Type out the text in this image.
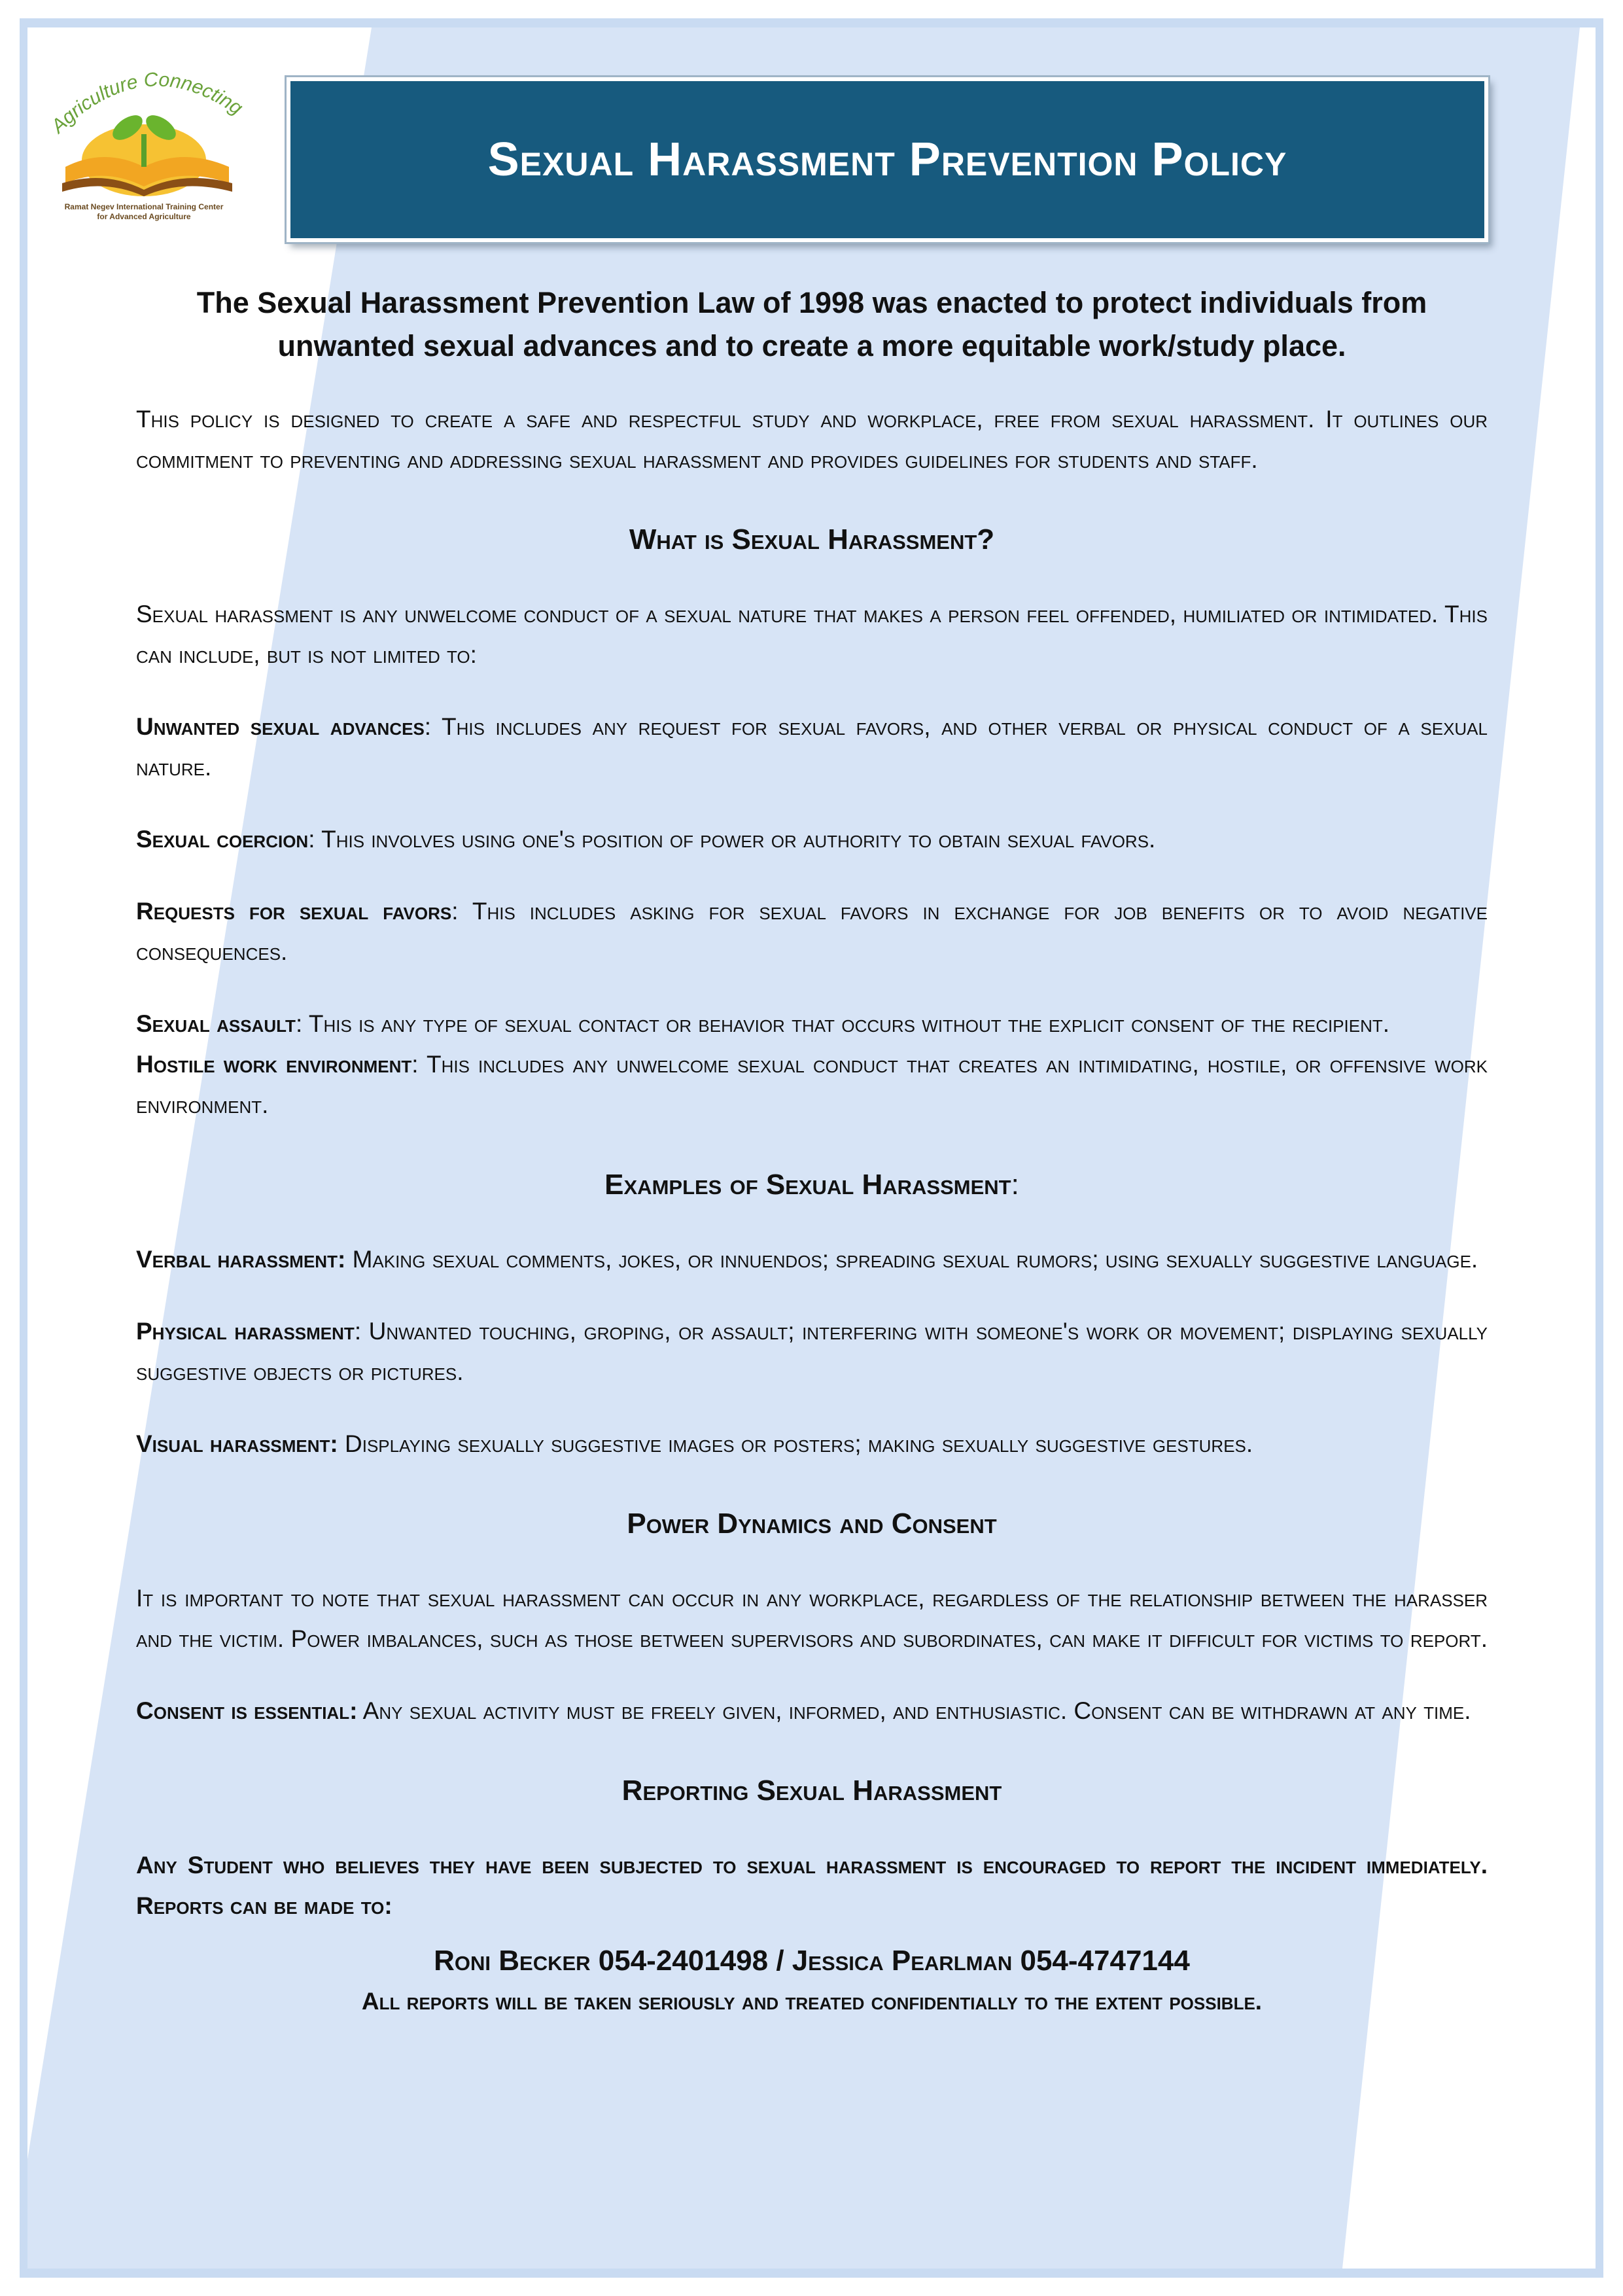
Agriculture Connecting
Ramat Negev International Training Center
for Advanced Agriculture
Sexual Harassment Prevention Policy
The Sexual Harassment Prevention Law of 1998 was enacted to protect individuals from unwanted sexual advances and to create a more equitable work/study place.

This policy is designed to create a safe and respectful study and workplace, free from sexual harassment. It outlines our commitment to preventing and addressing sexual harassment and provides guidelines for students and staff.

What is Sexual Harassment?

Sexual harassment is any unwelcome conduct of a sexual nature that makes a person feel offended, humiliated or intimidated. This can include, but is not limited to:

Unwanted sexual advances: This includes any request for sexual favors, and other verbal or physical conduct of a sexual nature.

Sexual coercion: This involves using one's position of power or authority to obtain sexual favors.

Requests for sexual favors: This includes asking for sexual favors in exchange for job benefits or to avoid negative consequences.

Sexual assault: This is any type of sexual contact or behavior that occurs without the explicit consent of the recipient.

Hostile work environment: This includes any unwelcome sexual conduct that creates an intimidating, hostile, or offensive work environment.

Examples of Sexual Harassment:

Verbal harassment: Making sexual comments, jokes, or innuendos; spreading sexual rumors; using sexually suggestive language.

Physical harassment: Unwanted touching, groping, or assault; interfering with someone's work or movement; displaying sexually suggestive objects or pictures.

Visual harassment: Displaying sexually suggestive images or posters; making sexually suggestive gestures.

Power Dynamics and Consent

It is important to note that sexual harassment can occur in any workplace, regardless of the relationship between the harasser and the victim. Power imbalances, such as those between supervisors and subordinates, can make it difficult for victims to report.

Consent is essential: Any sexual activity must be freely given, informed, and enthusiastic. Consent can be withdrawn at any time.

Reporting Sexual Harassment

Any Student who believes they have been subjected to sexual harassment is encouraged to report the incident immediately. Reports can be made to:

Roni Becker 054-2401498 / Jessica Pearlman 054-4747144
All reports will be taken seriously and treated confidentially to the extent possible.
